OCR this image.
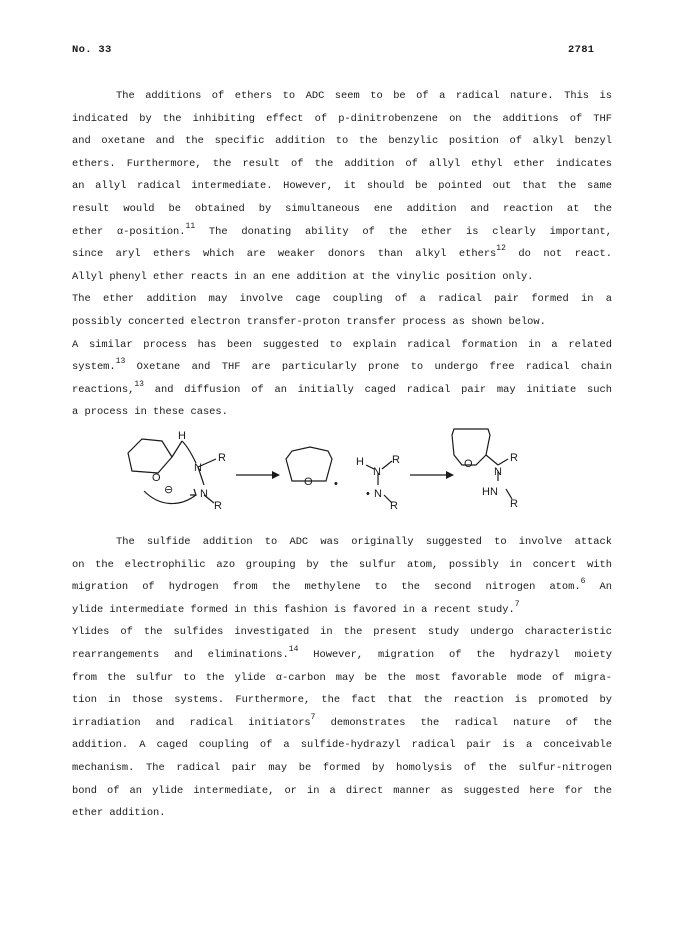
No. 33	2781
The additions of ethers to ADC seem to be of a radical nature. This is
indicated by the inhibiting effect of p-dinitrobenzene on the additions of THF
and oxetane and the specific addition to the benzylic position of alkyl benzyl
ethers. Furthermore, the result of the addition of allyl ethyl ether indicates
an allyl radical intermediate. However, it should be pointed out that the same
result would be obtained by simultaneous ene addition and reaction at the
ether α-position.$^{11}$ The donating ability of the ether is clearly important,
since aryl ethers which are weaker donors than alkyl ethers$^{12}$ do not react.
Allyl phenyl ether reacts in an ene addition at the vinylic position only.
The ether addition may involve cage coupling of a radical pair formed in a
possibly concerted electron transfer-proton transfer process as shown below.
A similar process has been suggested to explain radical formation in a related
system.$^{13}$ Oxetane and THF are particularly prone to undergo free radical chain
reactions,$^{13}$ and diffusion of an initially caged radical pair may initiate such
a process in these cases.
H
O
⊖
N
N
R
R
O •
H
N
R
• N
R
O
N
R
HN
R
The sulfide addition to ADC was originally suggested to involve attack
on the electrophilic azo grouping by the sulfur atom, possibly in concert with
migration of hydrogen from the methylene to the second nitrogen atom.$^6$ An
ylide intermediate formed in this fashion is favored in a recent study.$^7$
Ylides of the sulfides investigated in the present study undergo characteristic
rearrangements and eliminations.$^{14}$ However, migration of the hydrazyl moiety
from the sulfur to the ylide α-carbon may be the most favorable mode of migra-
tion in those systems. Furthermore, the fact that the reaction is promoted by
irradiation and radical initiators$^7$ demonstrates the radical nature of the
addition. A caged coupling of a sulfide-hydrazyl radical pair is a conceivable
mechanism. The radical pair may be formed by homolysis of the sulfur-nitrogen
bond of an ylide intermediate, or in a direct manner as suggested here for the
ether addition.
